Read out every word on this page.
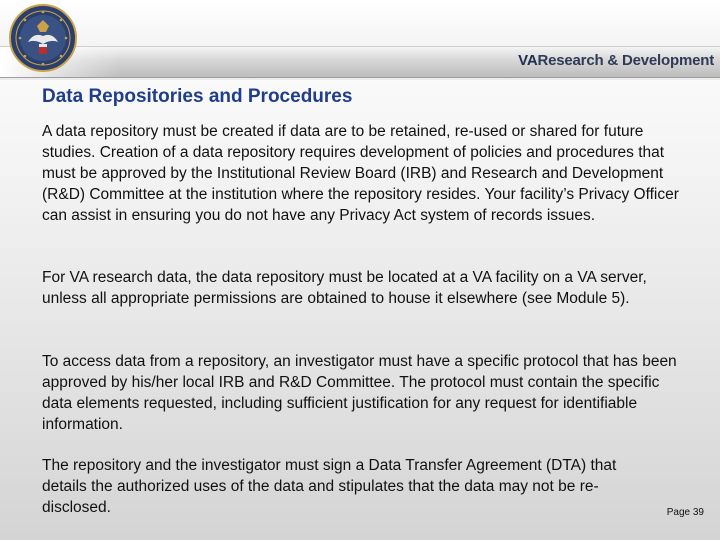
VAResearch & Development
Data Repositories and Procedures

A data repository must be created if data are to be retained, re-used or shared for future studies. Creation of a data repository requires development of policies and procedures that must be approved by the Institutional Review Board (IRB) and Research and Development (R&D) Committee at the institution where the repository resides. Your facility’s Privacy Officer can assist in ensuring you do not have any Privacy Act system of records issues.

For VA research data, the data repository must be located at a VA facility on a VA server, unless all appropriate permissions are obtained to house it elsewhere (see Module 5).

To access data from a repository, an investigator must have a specific protocol that has been approved by his/her local IRB and R&D Committee. The protocol must contain the specific data elements requested, including sufficient justification for any request for identifiable information.

The repository and the investigator must sign a Data Transfer Agreement (DTA) that details the authorized uses of the data and stipulates that the data may not be re-disclosed.	Page 39
